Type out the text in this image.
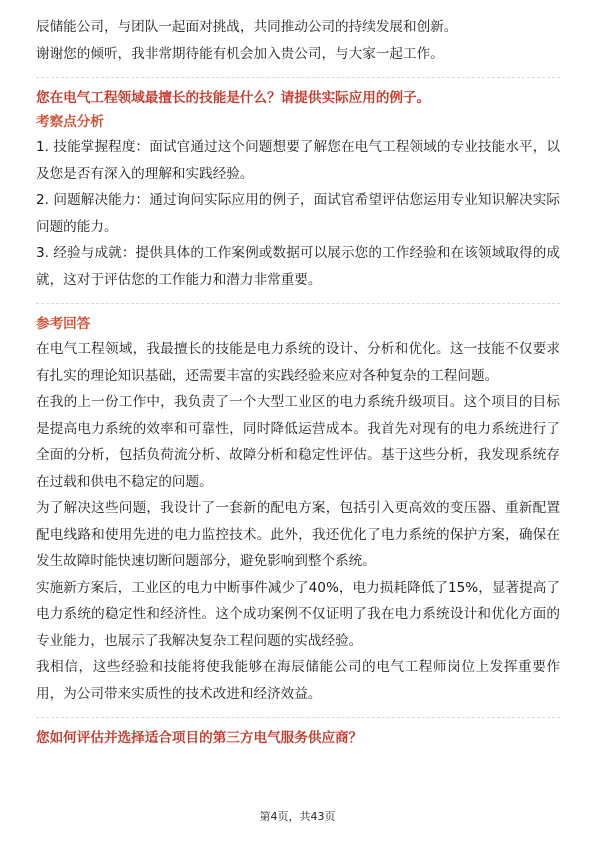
辰储能公司，与团队一起面对挑战，共同推动公司的持续发展和创新。

谢谢您的倾听，我非常期待能有机会加入贵公司，与大家一起工作。

您在电气工程领域最擅长的技能是什么？请提供实际应用的例子。

考察点分析

1. 技能掌握程度：面试官通过这个问题想要了解您在电气工程领域的专业技能水平，以及您是否有深入的理解和实践经验。

2. 问题解决能力：通过询问实际应用的例子，面试官希望评估您运用专业知识解决实际问题的能力。

3. 经验与成就：提供具体的工作案例或数据可以展示您的工作经验和在该领域取得的成就，这对于评估您的工作能力和潜力非常重要。

参考回答

在电气工程领域，我最擅长的技能是电力系统的设计、分析和优化。这一技能不仅要求有扎实的理论知识基础，还需要丰富的实践经验来应对各种复杂的工程问题。

在我的上一份工作中，我负责了一个大型工业区的电力系统升级项目。这个项目的目标是提高电力系统的效率和可靠性，同时降低运营成本。我首先对现有的电力系统进行了全面的分析，包括负荷流分析、故障分析和稳定性评估。基于这些分析，我发现系统存在过载和供电不稳定的问题。

为了解决这些问题，我设计了一套新的配电方案，包括引入更高效的变压器、重新配置配电线路和使用先进的电力监控技术。此外，我还优化了电力系统的保护方案，确保在发生故障时能快速切断问题部分，避免影响到整个系统。

实施新方案后，工业区的电力中断事件减少了40%，电力损耗降低了15%，显著提高了电力系统的稳定性和经济性。这个成功案例不仅证明了我在电力系统设计和优化方面的专业能力，也展示了我解决复杂工程问题的实战经验。

我相信，这些经验和技能将使我能够在海辰储能公司的电气工程师岗位上发挥重要作用，为公司带来实质性的技术改进和经济效益。

您如何评估并选择适合项目的第三方电气服务供应商？

第4页，共43页
